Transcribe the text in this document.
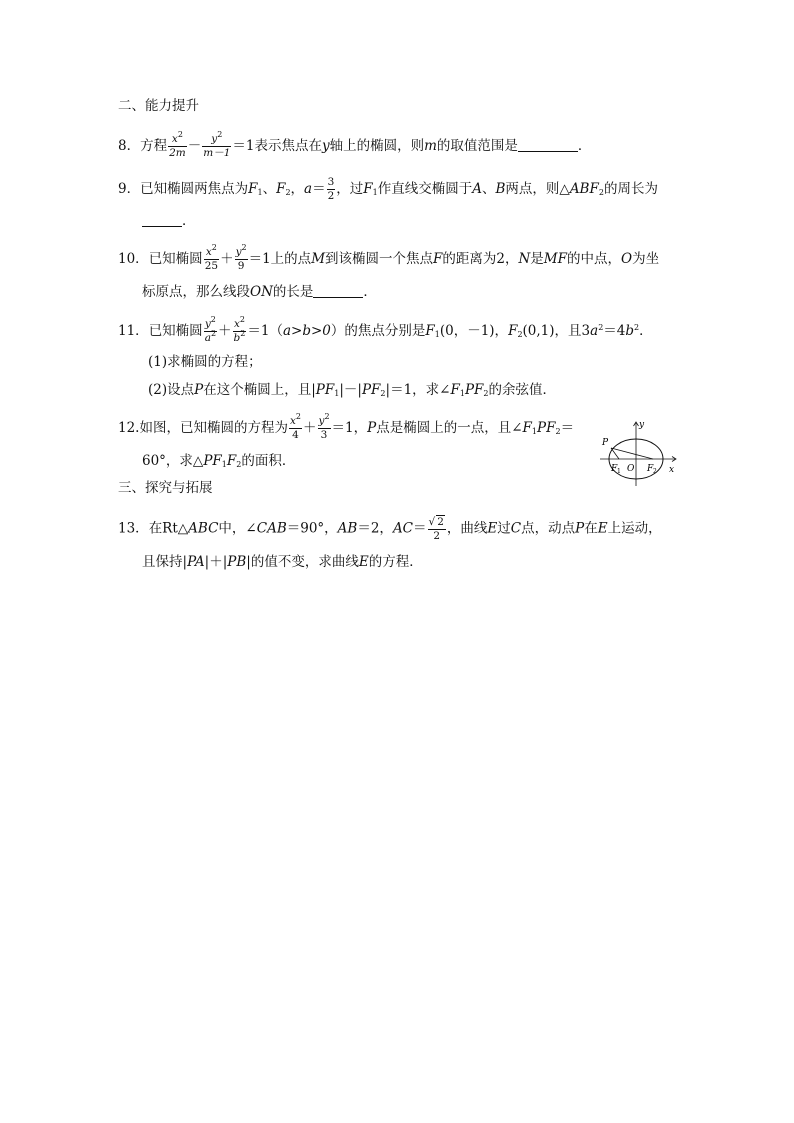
二、能力提升
8．方程 $\frac{x^2}{2m} - \frac{y^2}{m-1} =1$表示焦点在y轴上的椭圆，则m的取值范围是	．
9．已知椭圆两焦点为$F_1$、$F_2$，$a= \frac{3}{2}$ ，过$F_1$作直线交椭圆于A、B两点，则$\triangle ABF_2$的周长为
．
10．已知椭圆 $\frac{x^2}{25} + \frac{y^2}{9} =1$上的点M到该椭圆一个焦点F的距离为2，N是MF的中点，O为坐
标原点，那么线段ON的长是	．
11．已知椭圆 $\frac{y^2}{a^2} + \frac{x^2}{b^2} =1(a>b>0)$的焦点分别是$F_1(0$，－1)，$F_2(0,1)$，且$3a^2=4b^2$．
(1)求椭圆的方程；
(2)设点P在这个椭圆上，且$|PF_1|-|PF_2|=1$，求$\angle F_1PF_2$的余弦值．
12.如图，已知椭圆的方程为 $\frac{x^2}{4} + \frac{y^2}{3} =1$，P点是椭圆上的一点，且$\angle F_1PF_2=$
60°，求$\triangle PF_1F_2$的面积．
P
y
x
O
F 1	F 2
三、探究与拓展
13．在Rt△ABC中，∠CAB＝90°，AB＝2，$AC= \frac{√ 2}{2}$ ，曲线E过C点，动点P在E上运动，
且保持|PA|＋|PB|的值不变，求曲线E的方程．
